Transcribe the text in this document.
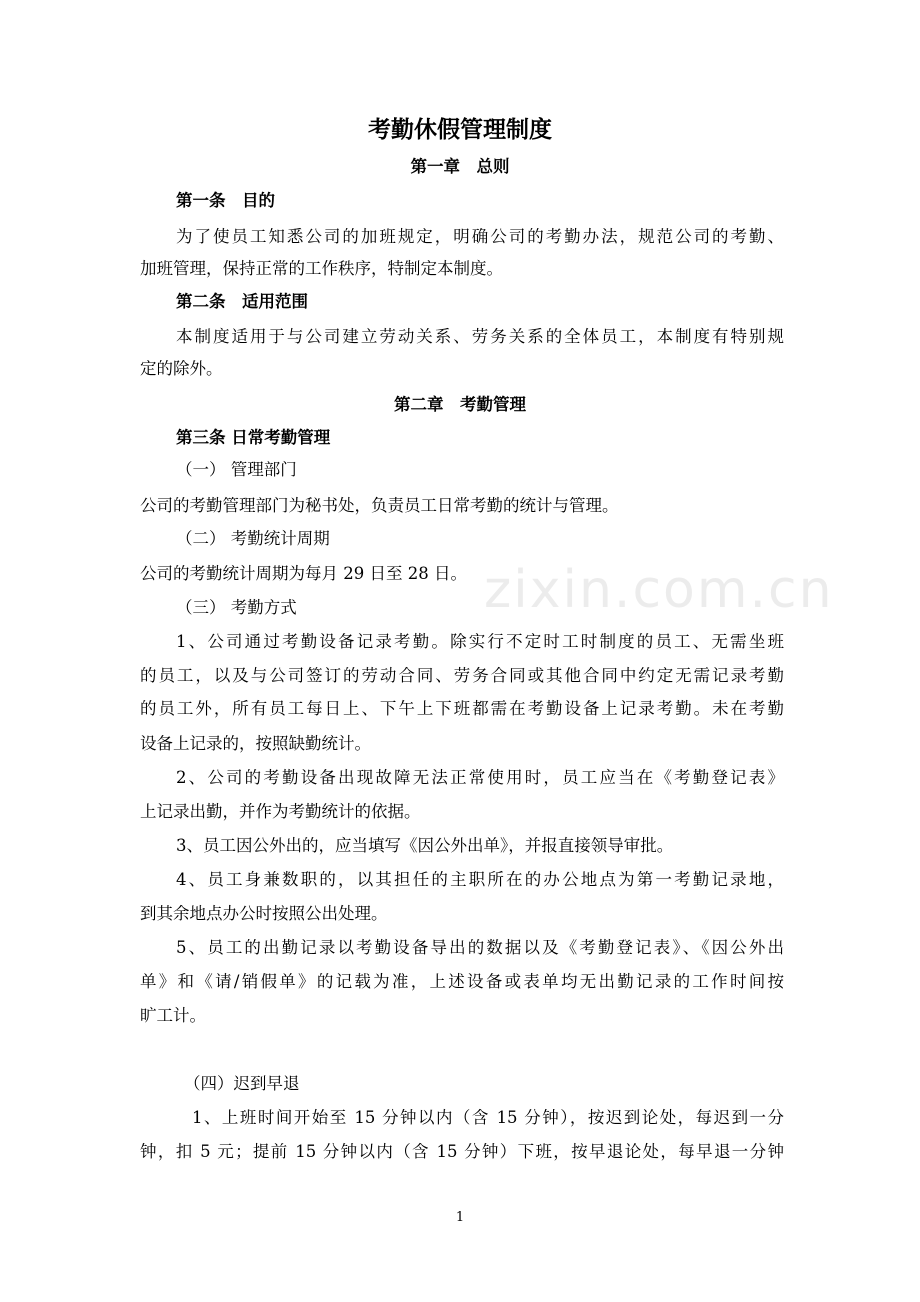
zixin.com.cn
考勤休假管理制度
第一章　总则
第一条　目的
为了使员工知悉公司的加班规定，明确公司的考勤办法，规范公司的考勤、
加班管理，保持正常的工作秩序，特制定本制度。
第二条　适用范围
本制度适用于与公司建立劳动关系、劳务关系的全体员工，本制度有特别规
定的除外。
第二章　考勤管理
第三条 日常考勤管理
（一） 管理部门
公司的考勤管理部门为秘书处，负责员工日常考勤的统计与管理。
（二） 考勤统计周期
公司的考勤统计周期为每月 29 日至 28 日。
（三） 考勤方式
1、公司通过考勤设备记录考勤。除实行不定时工时制度的员工、无需坐班
的员工，以及与公司签订的劳动合同、劳务合同或其他合同中约定无需记录考勤
的员工外，所有员工每日上、下午上下班都需在考勤设备上记录考勤。未在考勤
设备上记录的，按照缺勤统计。
2、公司的考勤设备出现故障无法正常使用时，员工应当在《考勤登记表》
上记录出勤，并作为考勤统计的依据。
3、员工因公外出的，应当填写《因公外出单》，并报直接领导审批。
4、员工身兼数职的，以其担任的主职所在的办公地点为第一考勤记录地，
到其余地点办公时按照公出处理。
5、员工的出勤记录以考勤设备导出的数据以及《考勤登记表》、《因公外出
单》和《请/销假单》的记载为准，上述设备或表单均无出勤记录的工作时间按
旷工计。
（四）迟到早退
1、上班时间开始至 15 分钟以内（含 15 分钟），按迟到论处，每迟到一分
钟，扣 5 元；提前 15 分钟以内（含 15 分钟）下班，按早退论处，每早退一分钟
1
